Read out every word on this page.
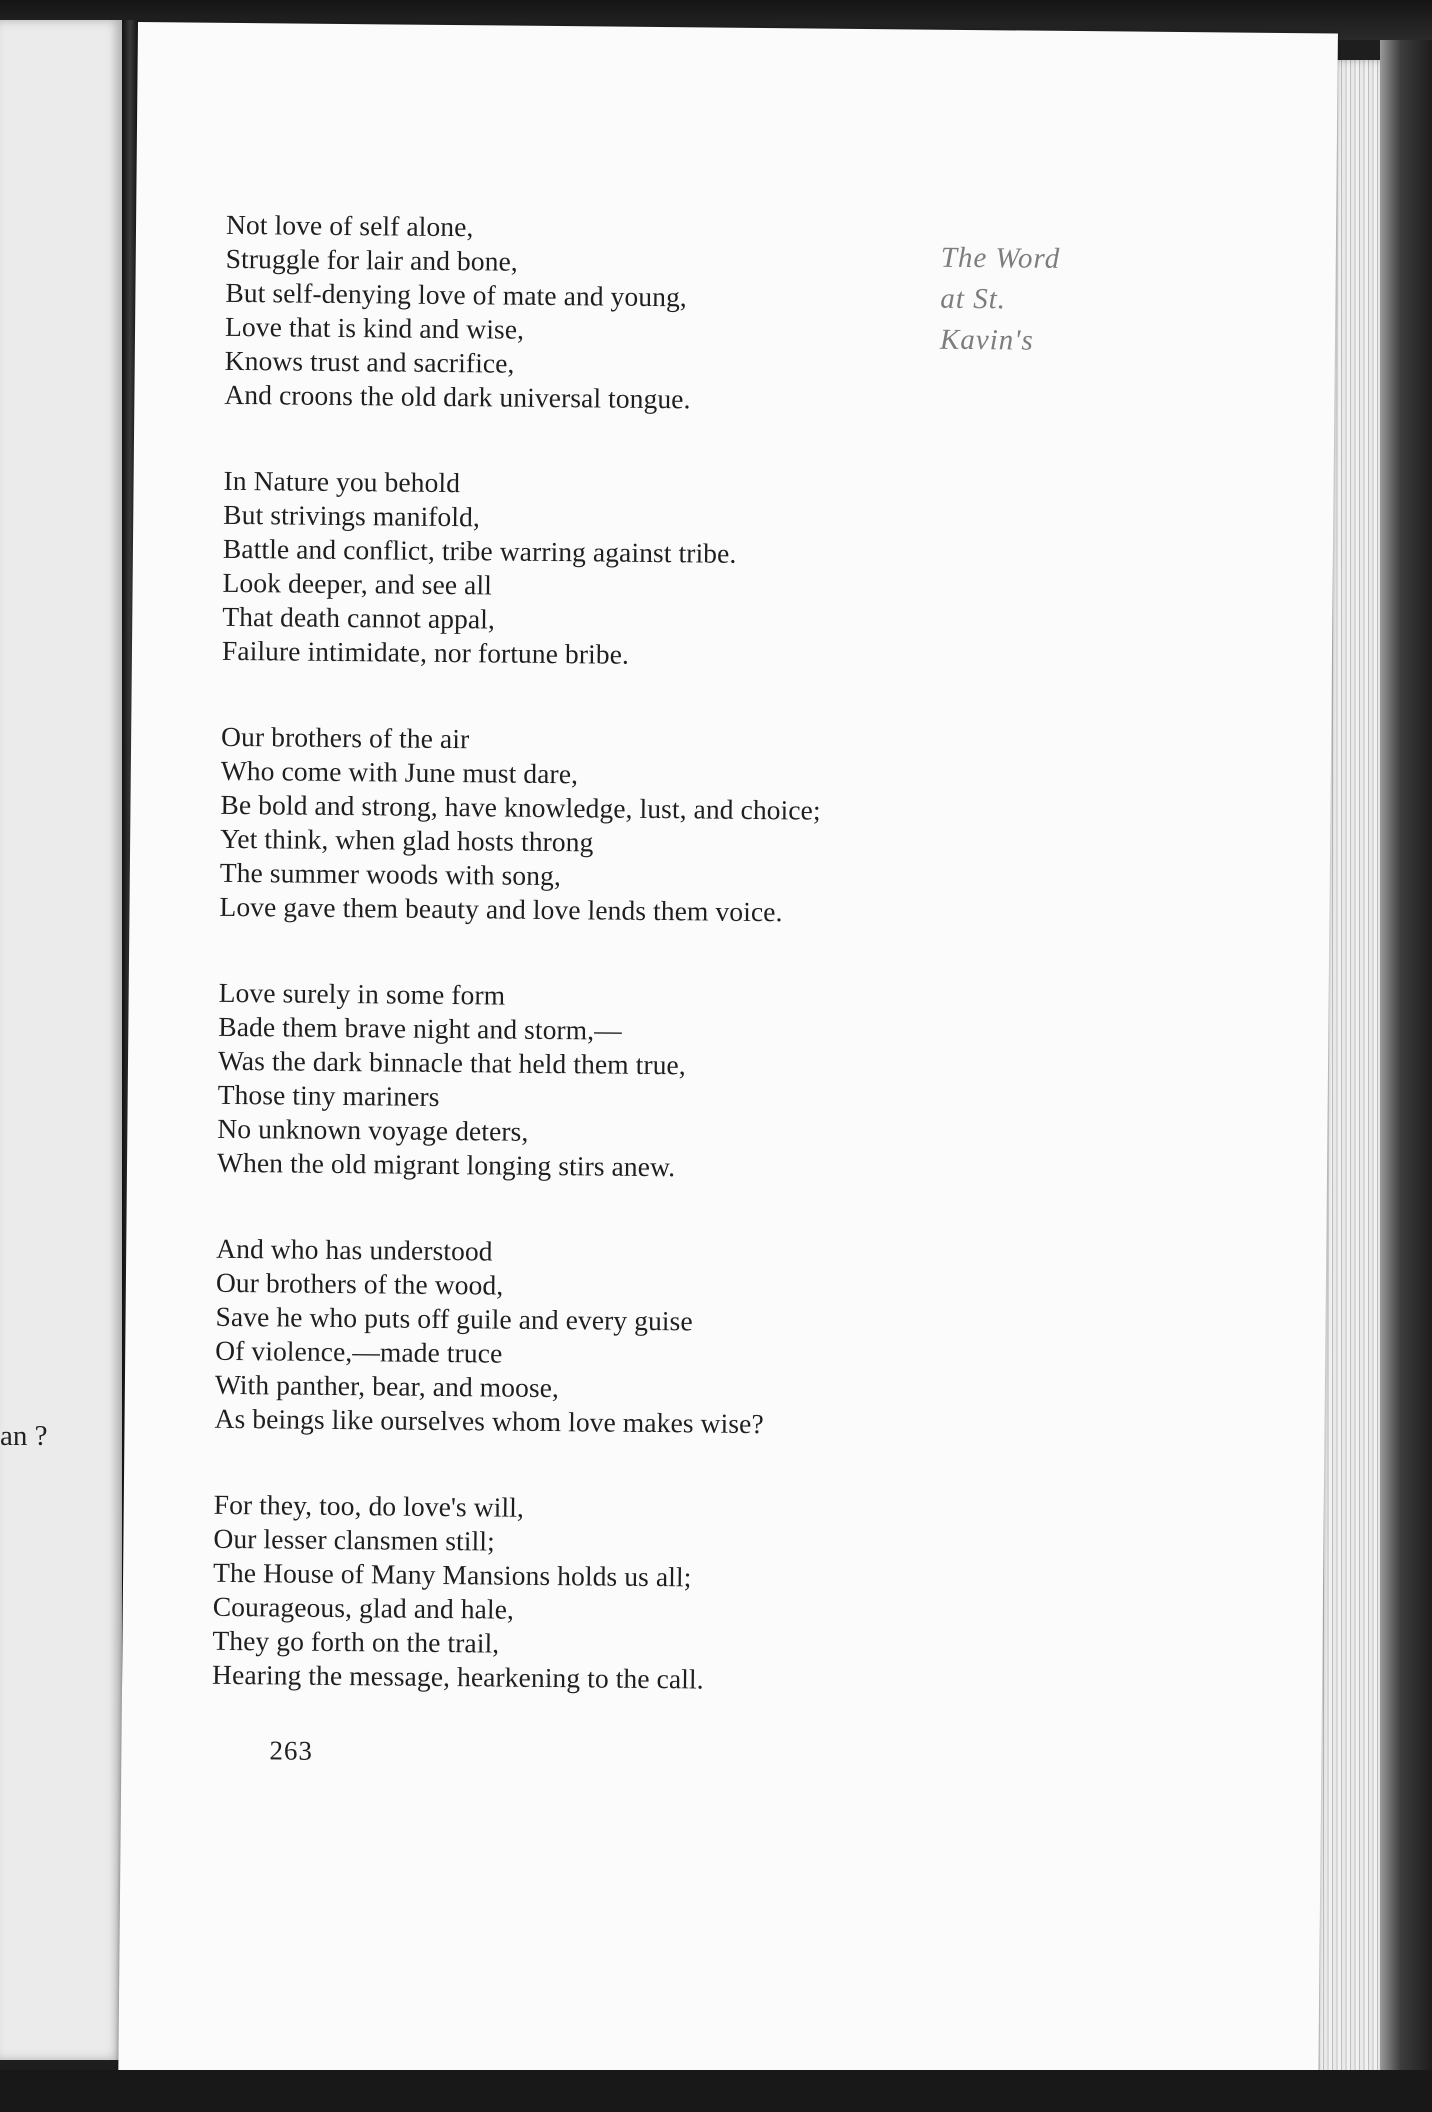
an ?
Not love of self alone,
Struggle for lair and bone,
But self-denying love of mate and young,
Love that is kind and wise,
Knows trust and sacrifice,
And croons the old dark universal tongue.
In Nature you behold
But strivings manifold,
Battle and conflict, tribe warring against tribe.
Look deeper, and see all
That death cannot appal,
Failure intimidate, nor fortune bribe.
Our brothers of the air
Who come with June must dare,
Be bold and strong, have knowledge, lust, and choice;
Yet think, when glad hosts throng
The summer woods with song,
Love gave them beauty and love lends them voice.
Love surely in some form
Bade them brave night and storm,—
Was the dark binnacle that held them true,
Those tiny mariners
No unknown voyage deters,
When the old migrant longing stirs anew.
And who has understood
Our brothers of the wood,
Save he who puts off guile and every guise
Of violence,—made truce
With panther, bear, and moose,
As beings like ourselves whom love makes wise?
For they, too, do love's will,
Our lesser clansmen still;
The House of Many Mansions holds us all;
Courageous, glad and hale,
They go forth on the trail,
Hearing the message, hearkening to the call.
263
The Word
at St.
Kavin's
